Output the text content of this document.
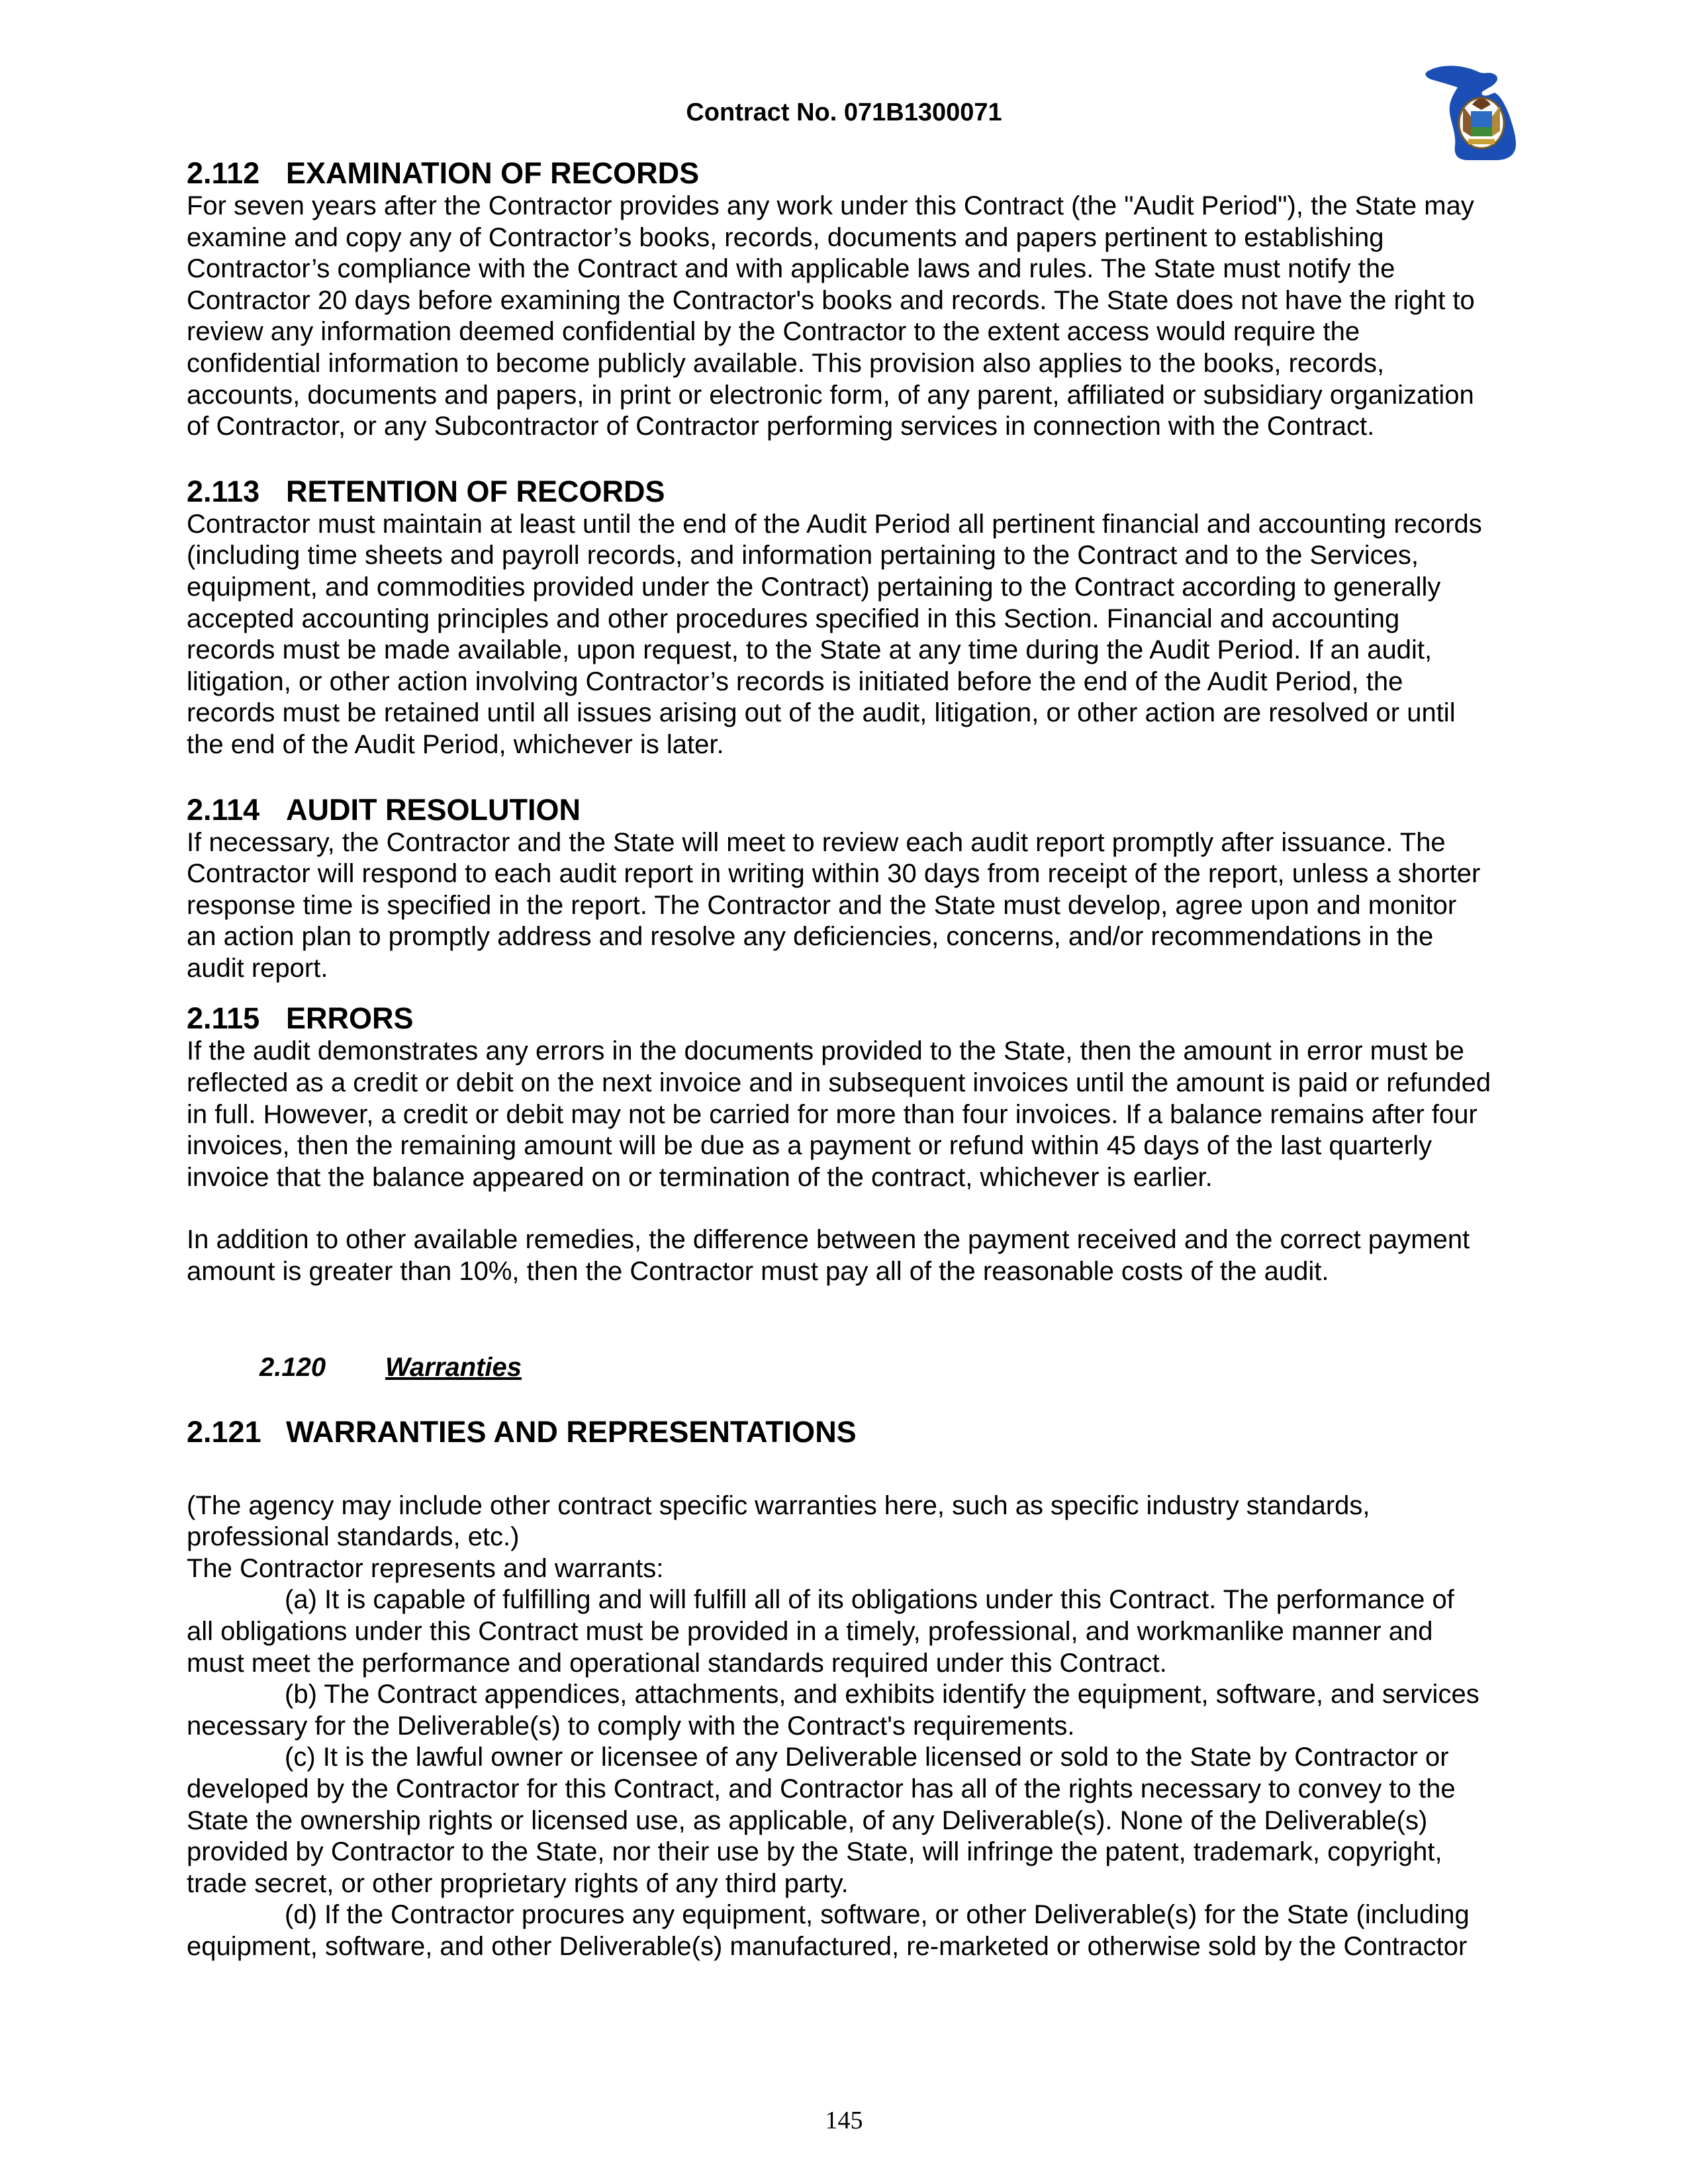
Contract No. 071B1300071
2.112 EXAMINATION OF RECORDS

For seven years after the Contractor provides any work under this Contract (the "Audit Period"), the State may
examine and copy any of Contractor’s books, records, documents and papers pertinent to establishing
Contractor’s compliance with the Contract and with applicable laws and rules. The State must notify the
Contractor 20 days before examining the Contractor's books and records. The State does not have the right to
review any information deemed confidential by the Contractor to the extent access would require the
confidential information to become publicly available. This provision also applies to the books, records,
accounts, documents and papers, in print or electronic form, of any parent, affiliated or subsidiary organization
of Contractor, or any Subcontractor of Contractor performing services in connection with the Contract.

2.113 RETENTION OF RECORDS

Contractor must maintain at least until the end of the Audit Period all pertinent financial and accounting records
(including time sheets and payroll records, and information pertaining to the Contract and to the Services,
equipment, and commodities provided under the Contract) pertaining to the Contract according to generally
accepted accounting principles and other procedures specified in this Section. Financial and accounting
records must be made available, upon request, to the State at any time during the Audit Period. If an audit,
litigation, or other action involving Contractor’s records is initiated before the end of the Audit Period, the
records must be retained until all issues arising out of the audit, litigation, or other action are resolved or until
the end of the Audit Period, whichever is later.

2.114 AUDIT RESOLUTION

If necessary, the Contractor and the State will meet to review each audit report promptly after issuance. The
Contractor will respond to each audit report in writing within 30 days from receipt of the report, unless a shorter
response time is specified in the report. The Contractor and the State must develop, agree upon and monitor
an action plan to promptly address and resolve any deficiencies, concerns, and/or recommendations in the
audit report.

2.115 ERRORS

If the audit demonstrates any errors in the documents provided to the State, then the amount in error must be
reflected as a credit or debit on the next invoice and in subsequent invoices until the amount is paid or refunded
in full. However, a credit or debit may not be carried for more than four invoices. If a balance remains after four
invoices, then the remaining amount will be due as a payment or refund within 45 days of the last quarterly
invoice that the balance appeared on or termination of the contract, whichever is earlier.

In addition to other available remedies, the difference between the payment received and the correct payment
amount is greater than 10%, then the Contractor must pay all of the reasonable costs of the audit.

2.120 Warranties

2.121 WARRANTIES AND REPRESENTATIONS

(The agency may include other contract specific warranties here, such as specific industry standards,
professional standards, etc.)
The Contractor represents and warrants:

(a) It is capable of fulfilling and will fulfill all of its obligations under this Contract. The performance of
all obligations under this Contract must be provided in a timely, professional, and workmanlike manner and
must meet the performance and operational standards required under this Contract.

(b) The Contract appendices, attachments, and exhibits identify the equipment, software, and services
necessary for the Deliverable(s) to comply with the Contract's requirements.

(c) It is the lawful owner or licensee of any Deliverable licensed or sold to the State by Contractor or
developed by the Contractor for this Contract, and Contractor has all of the rights necessary to convey to the
State the ownership rights or licensed use, as applicable, of any Deliverable(s). None of the Deliverable(s)
provided by Contractor to the State, nor their use by the State, will infringe the patent, trademark, copyright,
trade secret, or other proprietary rights of any third party.

(d) If the Contractor procures any equipment, software, or other Deliverable(s) for the State (including
equipment, software, and other Deliverable(s) manufactured, re-marketed or otherwise sold by the Contractor

145
